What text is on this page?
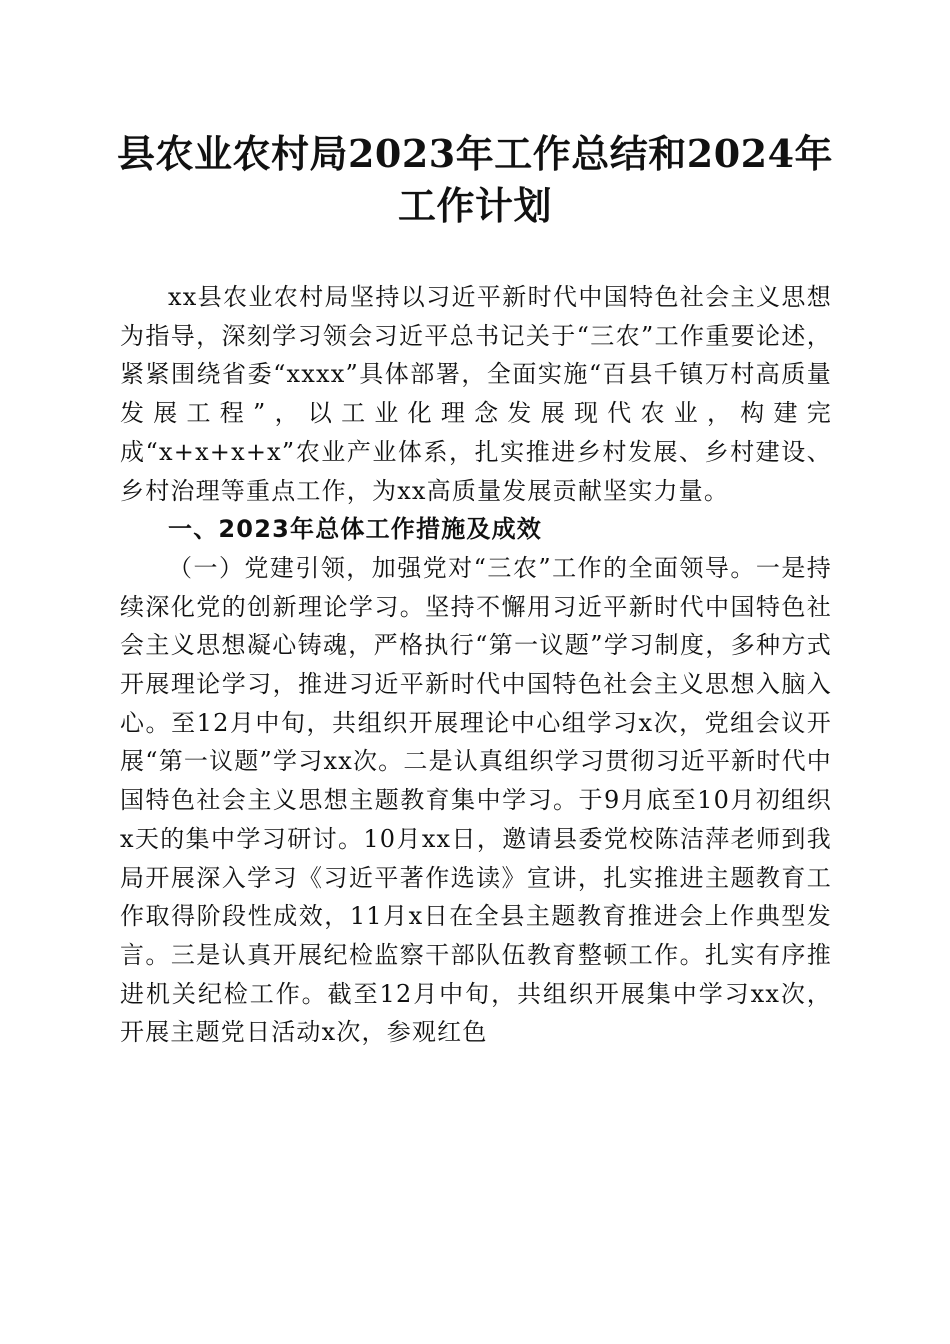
县农业农村局2023年工作总结和2024年工作计划

xx县农业农村局坚持以习近平新时代中国特色社会主义思想为指导，深刻学习领会习近平总书记关于“三农”工作重要论述，紧紧围绕省委“xxxx”具体部署，全面实施“百县千镇万村高质量发展工程”，以工业化理念发展现代农业，构建完成“x+x+x+x”农业产业体系，扎实推进乡村发展、乡村建设、乡村治理等重点工作，为xx高质量发展贡献坚实力量。

一、2023年总体工作措施及成效

（一）党建引领，加强党对“三农”工作的全面领导。一是持续深化党的创新理论学习。坚持不懈用习近平新时代中国特色社会主义思想凝心铸魂，严格执行“第一议题”学习制度，多种方式开展理论学习，推进习近平新时代中国特色社会主义思想入脑入心。至12月中旬，共组织开展理论中心组学习x次，党组会议开展“第一议题”学习xx次。二是认真组织学习贯彻习近平新时代中国特色社会主义思想主题教育集中学习。于9月底至10月初组织x天的集中学习研讨。10月xx日，邀请县委党校陈洁萍老师到我局开展深入学习《习近平著作选读》宣讲，扎实推进主题教育工作取得阶段性成效，11月x日在全县主题教育推进会上作典型发言。三是认真开展纪检监察干部队伍教育整顿工作。扎实有序推进机关纪检工作。截至12月中旬，共组织开展集中学习xx次，开展主题党日活动x次，参观红色
